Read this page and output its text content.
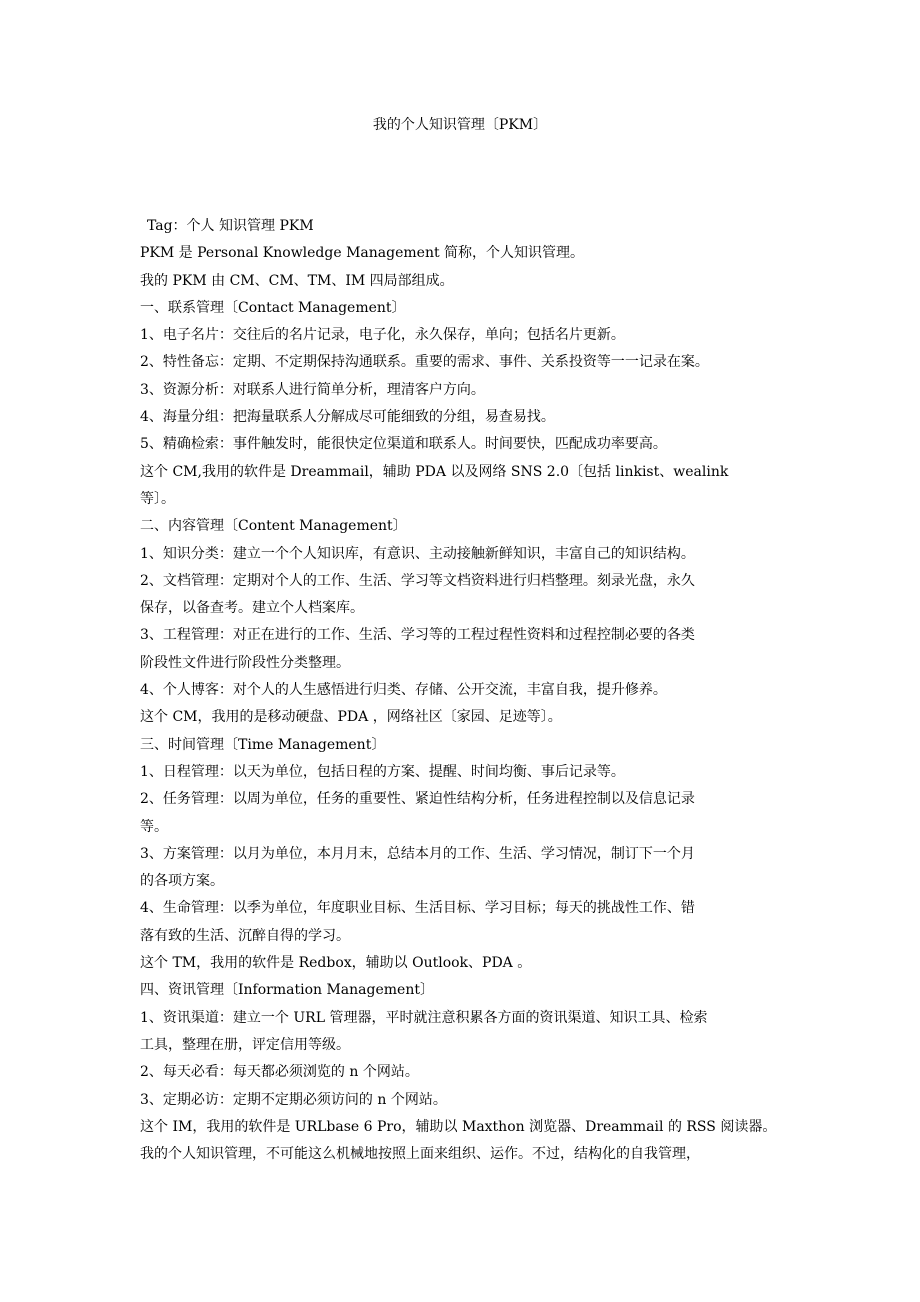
我的个人知识管理〔PKM〕
Tag：个人 知识管理 PKM
PKM 是 Personal Knowledge Management 简称，个人知识管理。
我的 PKM 由 CM、CM、TM、IM 四局部组成。
一、联系管理〔Contact Management〕
1、电子名片：交往后的名片记录，电子化，永久保存，单向；包括名片更新。
2、特性备忘：定期、不定期保持沟通联系。重要的需求、事件、关系投资等一一记录在案。
3、资源分析：对联系人进行简单分析，理清客户方向。
4、海量分组：把海量联系人分解成尽可能细致的分组，易查易找。
5、精确检索：事件触发时，能很快定位渠道和联系人。时间要快，匹配成功率要高。
这个 CM,我用的软件是 Dreammail，辅助 PDA 以及网络 SNS 2.0〔包括 linkist、wealink
等〕。
二、内容管理〔Content Management〕
1、知识分类：建立一个个人知识库，有意识、主动接触新鲜知识，丰富自己的知识结构。
2、文档管理：定期对个人的工作、生活、学习等文档资料进行归档整理。刻录光盘，永久
保存，以备查考。建立个人档案库。
3、工程管理：对正在进行的工作、生活、学习等的工程过程性资料和过程控制必要的各类
阶段性文件进行阶段性分类整理。
4、个人博客：对个人的人生感悟进行归类、存储、公开交流，丰富自我，提升修养。
这个 CM，我用的是移动硬盘、PDA ，网络社区〔家园、足迹等〕。
三、时间管理〔Time Management〕
1、日程管理：以天为单位，包括日程的方案、提醒、时间均衡、事后记录等。
2、任务管理：以周为单位，任务的重要性、紧迫性结构分析，任务进程控制以及信息记录
等。
3、方案管理：以月为单位，本月月末，总结本月的工作、生活、学习情况，制订下一个月
的各项方案。
4、生命管理：以季为单位，年度职业目标、生活目标、学习目标；每天的挑战性工作、错
落有致的生活、沉醉自得的学习。
这个 TM，我用的软件是 Redbox，辅助以 Outlook、PDA 。
四、资讯管理〔Information Management〕
1、资讯渠道：建立一个 URL 管理器，平时就注意积累各方面的资讯渠道、知识工具、检索
工具，整理在册，评定信用等级。
2、每天必看：每天都必须浏览的 n 个网站。
3、定期必访：定期不定期必须访问的 n 个网站。
这个 IM，我用的软件是 URLbase 6 Pro，辅助以 Maxthon 浏览器、Dreammail 的 RSS 阅读器。
我的个人知识管理，不可能这么机械地按照上面来组织、运作。不过，结构化的自我管理，
